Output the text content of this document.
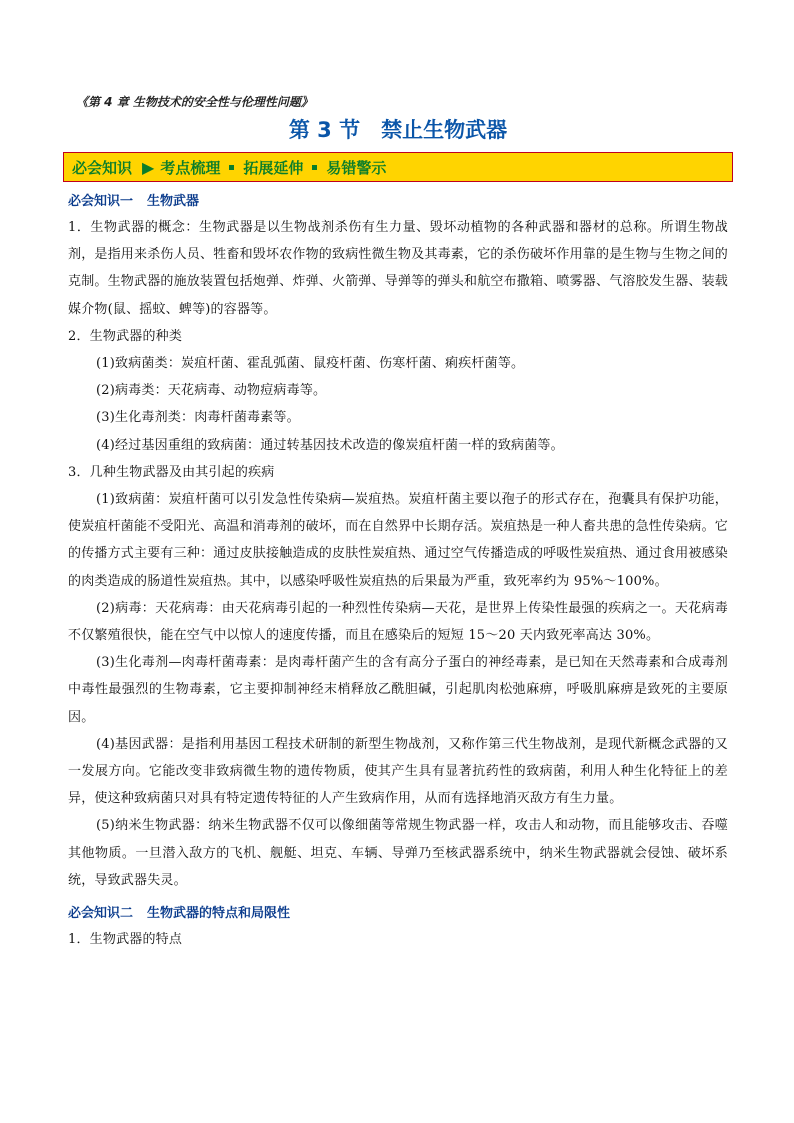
《第 4 章 生物技术的安全性与伦理性问题》
第 3 节　禁止生物武器
必会知识 ▶ 考点梳理 拓展延伸 易错警示
必会知识一 生物武器

1．生物武器的概念：生物武器是以生物战剂杀伤有生力量、毁坏动植物的各种武器和器材的总称。所谓生物战剂，是指用来杀伤人员、牲畜和毁坏农作物的致病性微生物及其毒素，它的杀伤破坏作用靠的是生物与生物之间的克制。生物武器的施放装置包括炮弹、炸弹、火箭弹、导弹等的弹头和航空布撒箱、喷雾器、气溶胶发生器、装载媒介物(鼠、摇蚊、蜱等)的容器等。

2．生物武器的种类

(1)致病菌类：炭疽杆菌、霍乱弧菌、鼠疫杆菌、伤寒杆菌、痢疾杆菌等。

(2)病毒类：天花病毒、动物痘病毒等。

(3)生化毒剂类：肉毒杆菌毒素等。

(4)经过基因重组的致病菌：通过转基因技术改造的像炭疽杆菌一样的致病菌等。

3．几种生物武器及由其引起的疾病

(1)致病菌：炭疽杆菌可以引发急性传染病—炭疽热。炭疽杆菌主要以孢子的形式存在，孢囊具有保护功能，使炭疽杆菌能不受阳光、高温和消毒剂的破坏，而在自然界中长期存活。炭疽热是一种人畜共患的急性传染病。它的传播方式主要有三种：通过皮肤接触造成的皮肤性炭疽热、通过空气传播造成的呼吸性炭疽热、通过食用被感染的肉类造成的肠道性炭疽热。其中，以感染呼吸性炭疽热的后果最为严重，致死率约为 95%～100%。

(2)病毒：天花病毒：由天花病毒引起的一种烈性传染病—天花，是世界上传染性最强的疾病之一。天花病毒不仅繁殖很快，能在空气中以惊人的速度传播，而且在感染后的短短 15～20 天内致死率高达 30%。

(3)生化毒剂—肉毒杆菌毒素：是肉毒杆菌产生的含有高分子蛋白的神经毒素，是已知在天然毒素和合成毒剂中毒性最强烈的生物毒素，它主要抑制神经末梢释放乙酰胆碱，引起肌肉松弛麻痹，呼吸肌麻痹是致死的主要原因。

(4)基因武器：是指利用基因工程技术研制的新型生物战剂，又称作第三代生物战剂，是现代新概念武器的又一发展方向。它能改变非致病微生物的遗传物质，使其产生具有显著抗药性的致病菌，利用人种生化特征上的差异，使这种致病菌只对具有特定遗传特征的人产生致病作用，从而有选择地消灭敌方有生力量。

(5)纳米生物武器：纳米生物武器不仅可以像细菌等常规生物武器一样，攻击人和动物，而且能够攻击、吞噬其他物质。一旦潜入敌方的飞机、舰艇、坦克、车辆、导弹乃至核武器系统中，纳米生物武器就会侵蚀、破坏系统，导致武器失灵。

必会知识二 生物武器的特点和局限性

1．生物武器的特点
